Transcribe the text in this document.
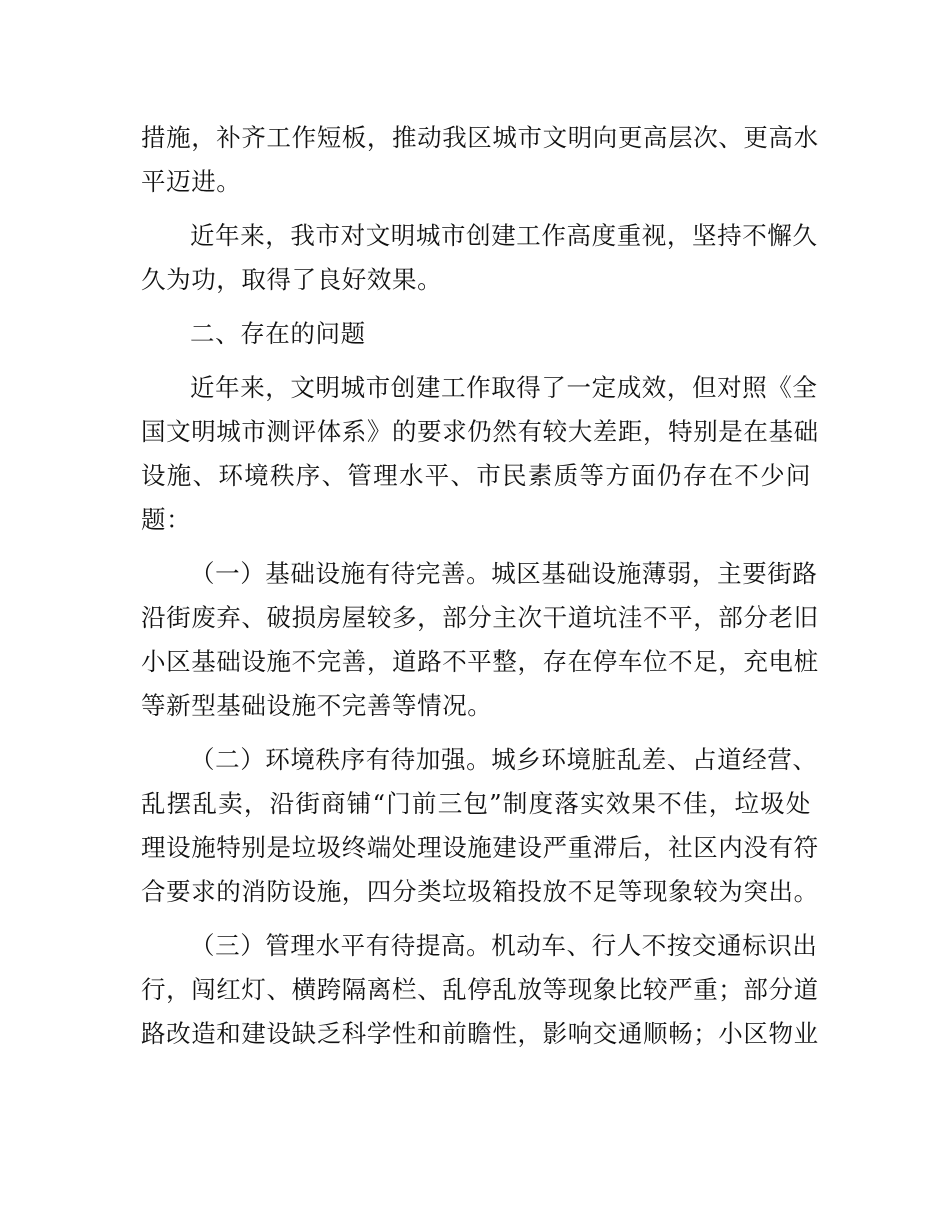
措施，补齐工作短板，推动我区城市文明向更高层次、更高水
平迈进。

近年来，我市对文明城市创建工作高度重视，坚持不懈久
久为功，取得了良好效果。

二、存在的问题

近年来，文明城市创建工作取得了一定成效，但对照《全
国文明城市测评体系》的要求仍然有较大差距，特别是在基础
设施、环境秩序、管理水平、市民素质等方面仍存在不少问
题：

（一）基础设施有待完善。城区基础设施薄弱，主要街路
沿街废弃、破损房屋较多，部分主次干道坑洼不平，部分老旧
小区基础设施不完善，道路不平整，存在停车位不足，充电桩
等新型基础设施不完善等情况。

（二）环境秩序有待加强。城乡环境脏乱差、占道经营、
乱摆乱卖，沿街商铺“门前三包”制度落实效果不佳，垃圾处
理设施特别是垃圾终端处理设施建设严重滞后，社区内没有符
合要求的消防设施，四分类垃圾箱投放不足等现象较为突出。

（三）管理水平有待提高。机动车、行人不按交通标识出
行，闯红灯、横跨隔离栏、乱停乱放等现象比较严重；部分道
路改造和建设缺乏科学性和前瞻性，影响交通顺畅；小区物业
